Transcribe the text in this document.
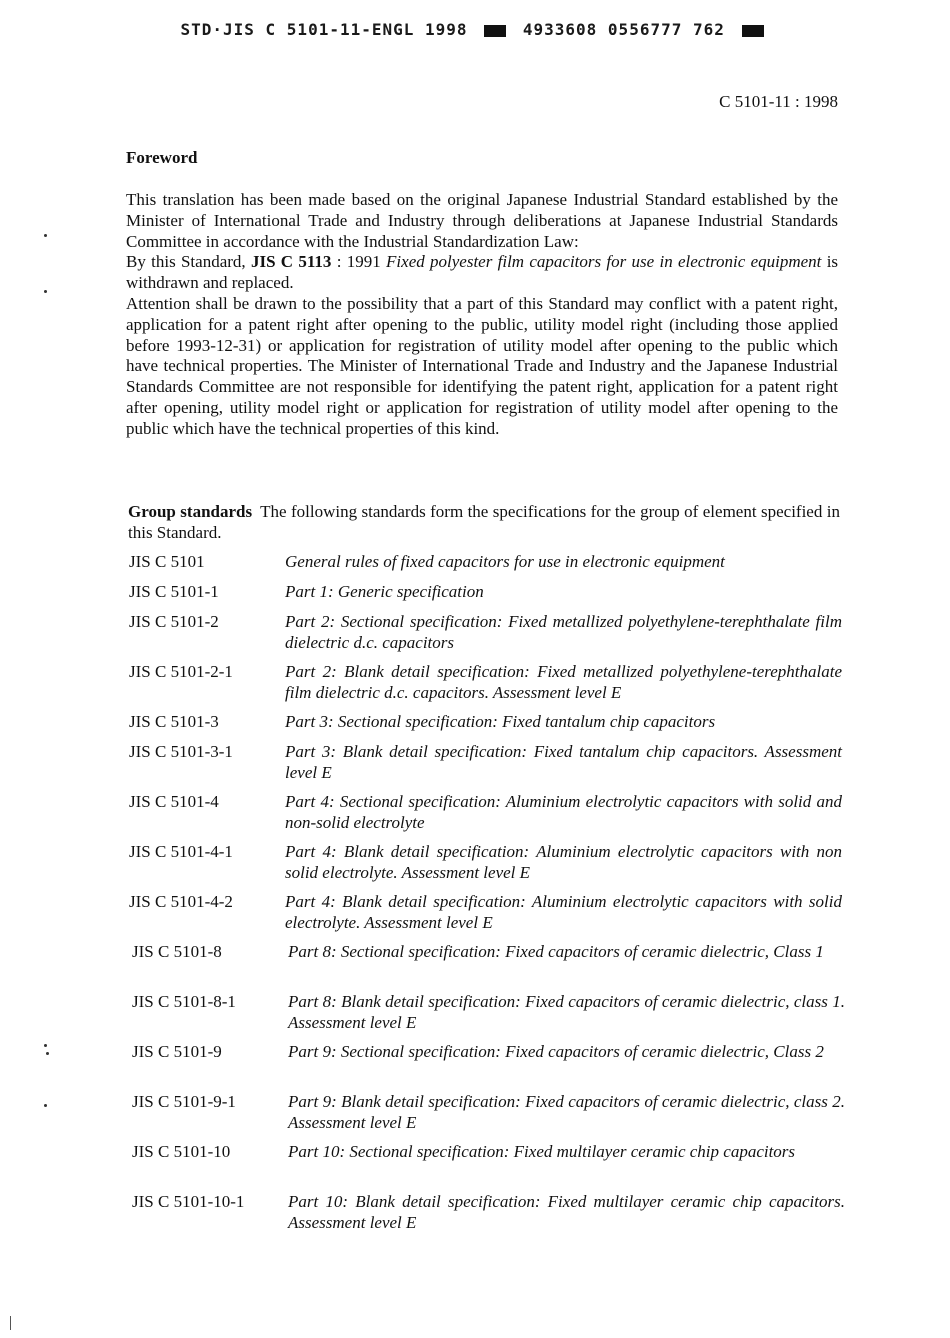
STD·JIS C 5101-11-ENGL 1998	4933608 0556777 762
C 5101-11 : 1998
Foreword

This translation has been made based on the original Japanese Industrial Standard established by the Minister of International Trade and Industry through deliberations at Japanese Industrial Standards Committee in accordance with the Industrial Standardization Law:

By this Standard, JIS C 5113 : 1991 Fixed polyester film capacitors for use in electronic equipment is withdrawn and replaced.

Attention shall be drawn to the possibility that a part of this Standard may conflict with a patent right, application for a patent right after opening to the public, utility model right (including those applied before 1993-12-31) or application for registration of utility model after opening to the public which have technical properties. The Minister of International Trade and Industry and the Japanese Industrial Standards Committee are not responsible for identifying the patent right, application for a patent right after opening, utility model right or application for registration of utility model after opening to the public which have the technical properties of this kind.

Group standards The following standards form the specifications for the group of element specified in this Standard.
JIS C 5101	General rules of fixed capacitors for use in electronic equipment
JIS C 5101-1	Part 1: Generic specification
JIS C 5101-2	Part 2: Sectional specification: Fixed metallized polyethylene-terephthalate film dielectric d.c. capacitors
JIS C 5101-2-1	Part 2: Blank detail specification: Fixed metallized polyethylene-terephthalate film dielectric d.c. capacitors. Assessment level E
JIS C 5101-3	Part 3: Sectional specification: Fixed tantalum chip capacitors
JIS C 5101-3-1	Part 3: Blank detail specification: Fixed tantalum chip capacitors. Assessment level E
JIS C 5101-4	Part 4: Sectional specification: Aluminium electrolytic capacitors with solid and non-solid electrolyte
JIS C 5101-4-1	Part 4: Blank detail specification: Aluminium electrolytic capacitors with non solid electrolyte. Assessment level E
JIS C 5101-4-2	Part 4: Blank detail specification: Aluminium electrolytic capacitors with solid electrolyte. Assessment level E
JIS C 5101-8	Part 8: Sectional specification: Fixed capacitors of ceramic dielectric, Class 1
JIS C 5101-8-1	Part 8: Blank detail specification: Fixed capacitors of ceramic dielectric, class 1. Assessment level E
JIS C 5101-9	Part 9: Sectional specification: Fixed capacitors of ceramic dielectric, Class 2
JIS C 5101-9-1	Part 9: Blank detail specification: Fixed capacitors of ceramic dielectric, class 2. Assessment level E
JIS C 5101-10	Part 10: Sectional specification: Fixed multilayer ceramic chip capacitors
JIS C 5101-10-1	Part 10: Blank detail specification: Fixed multilayer ceramic chip capacitors. Assessment level E
